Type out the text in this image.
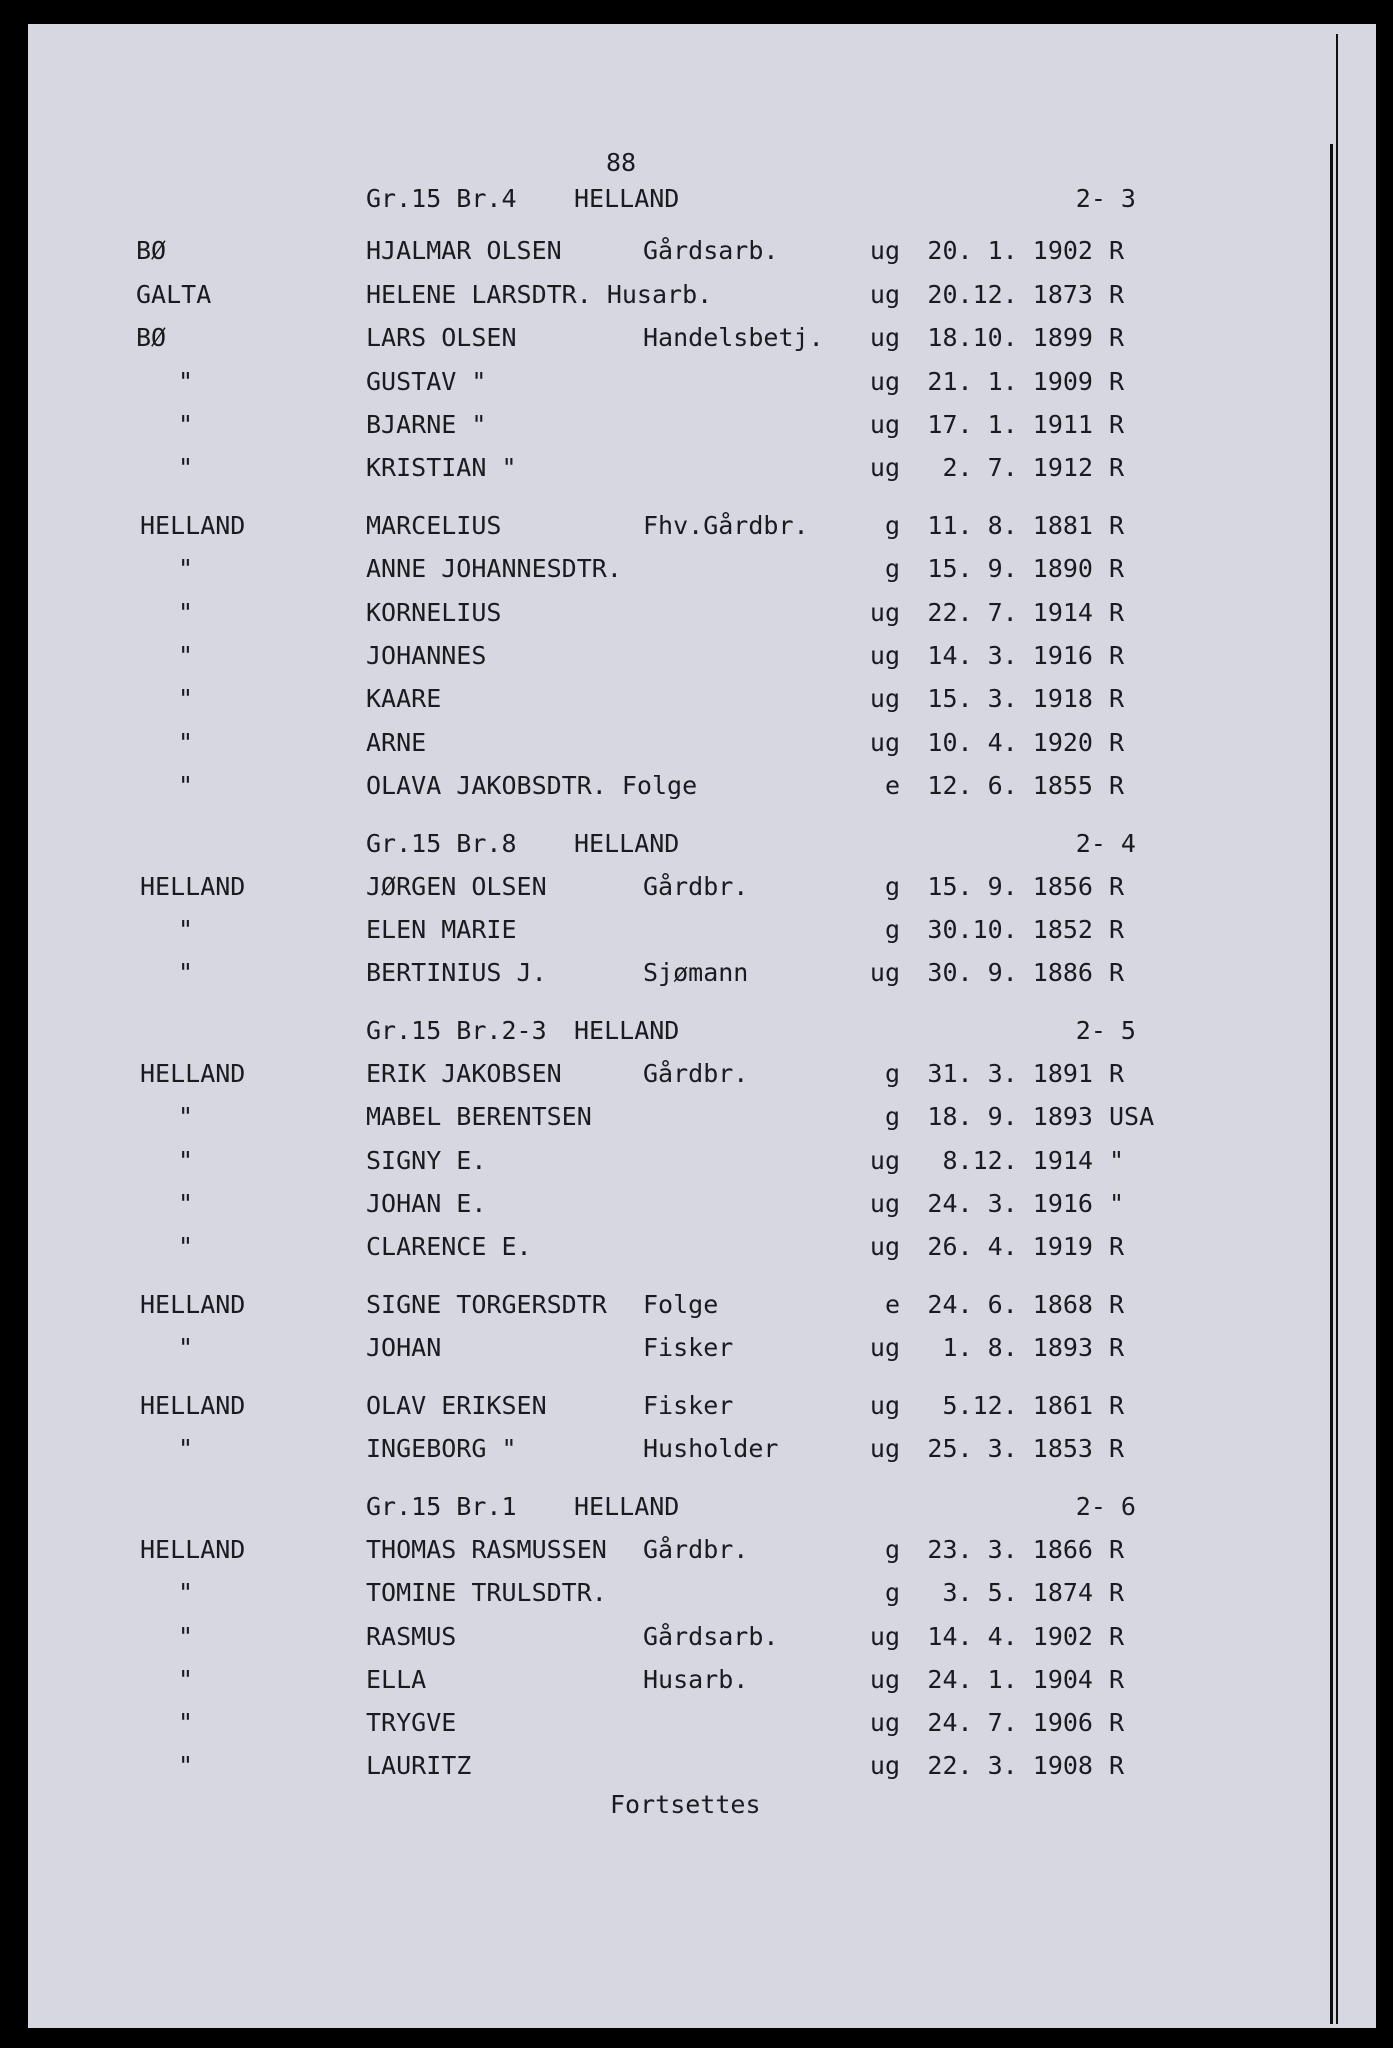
88
Gr.15 Br.4 HELLAND	2- 3
BØ	HJALMAR OLSEN	Gårdsarb.	ug 20. 1. 1902 R
GALTA	HELENE LARSDTR. Husarb.	ug 20.12. 1873 R
BØ	LARS OLSEN	Handelsbetj. ug 18.10. 1899 R
"	GUSTAV "	ug 21. 1. 1909 R
"	BJARNE "	ug 17. 1. 1911 R
"	KRISTIAN "	ug 2. 7. 1912 R
HELLAND	MARCELIUS	Fhv.Gårdbr.	g 11. 8. 1881 R
"	ANNE JOHANNESDTR.	g 15. 9. 1890 R
"	KORNELIUS	ug 22. 7. 1914 R
"	JOHANNES	ug 14. 3. 1916 R
"	KAARE	ug 15. 3. 1918 R
"	ARNE	ug 10. 4. 1920 R
"	OLAVA JAKOBSDTR. Folge	e 12. 6. 1855 R
Gr.15 Br.8 HELLAND	2- 4
HELLAND	JØRGEN OLSEN	Gårdbr.	g 15. 9. 1856 R
"	ELEN MARIE	g 30.10. 1852 R
"	BERTINIUS J.	Sjømann	ug 30. 9. 1886 R
Gr.15 Br.2-3 HELLAND	2- 5
HELLAND	ERIK JAKOBSEN	Gårdbr.	g 31. 3. 1891 R
"	MABEL BERENTSEN	g 18. 9. 1893 USA
"	SIGNY E.	ug 8.12. 1914 "
"	JOHAN E.	ug 24. 3. 1916 "
"	CLARENCE E.	ug 26. 4. 1919 R
HELLAND	SIGNE TORGERSDTR Folge	e 24. 6. 1868 R
"	JOHAN	Fisker	ug 1. 8. 1893 R
HELLAND	OLAV ERIKSEN	Fisker	ug 5.12. 1861 R
"	INGEBORG "	Husholder	ug 25. 3. 1853 R
Gr.15 Br.1 HELLAND	2- 6
HELLAND	THOMAS RASMUSSEN Gårdbr.	g 23. 3. 1866 R
"	TOMINE TRULSDTR.	g 3. 5. 1874 R
"	RASMUS	Gårdsarb.	ug 14. 4. 1902 R
"	ELLA	Husarb.	ug 24. 1. 1904 R
"	TRYGVE	ug 24. 7. 1906 R
"	LAURITZ	ug 22. 3. 1908 R
Fortsettes
